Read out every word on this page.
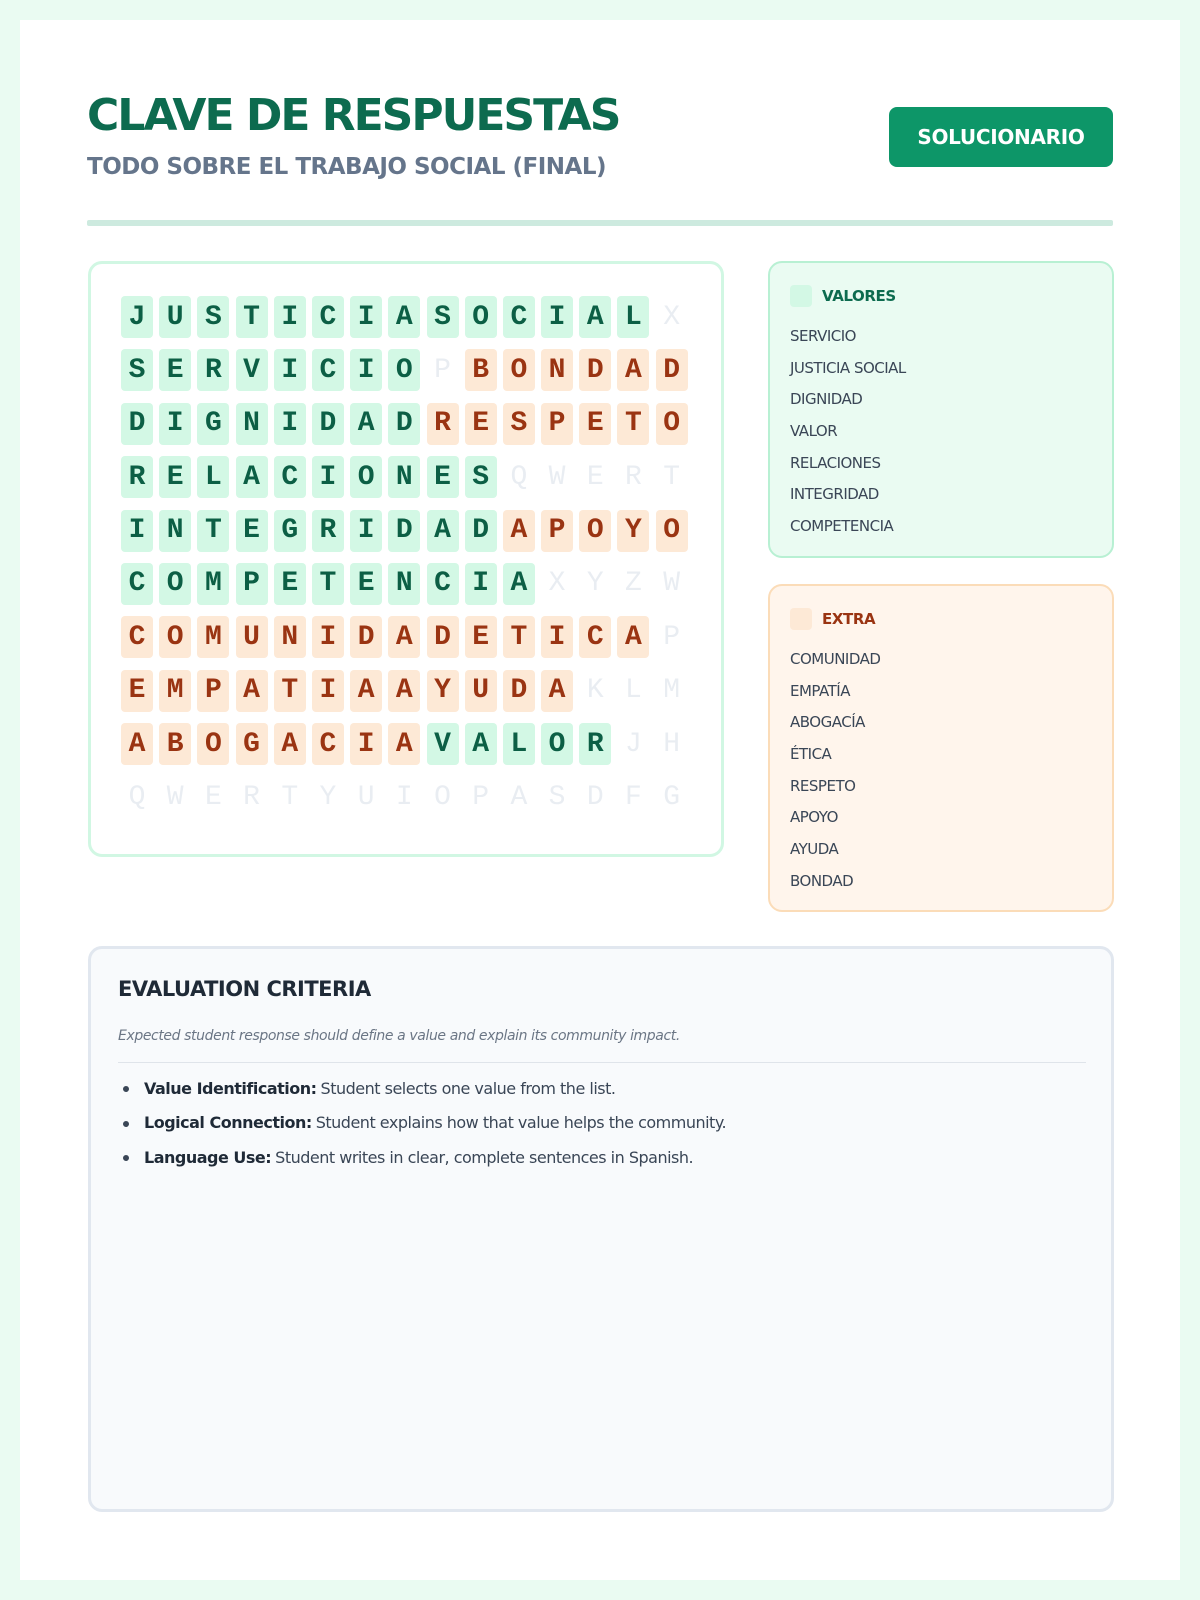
CLAVE DE RESPUESTAS
TODO SOBRE EL TRABAJO SOCIAL (FINAL)
SOLUCIONARIO
J U S T I C I A S O C I A L X
S E R V I C I O P B O N D A D
D I G N I D A D R E S P E T O
R E L A C I O N E S Q W E R T
I N T E G R I D A D A P O Y O
C O M P E T E N C I A X Y Z W
C O M U N I D A D E T I C A P
E M P A T I A A Y U D A K L M
A B O G A C I A V A L O R J H
Q W E R T Y U I O P A S D F G
VALORES
SERVICIO
JUSTICIA SOCIAL
DIGNIDAD
VALOR
RELACIONES
INTEGRIDAD
COMPETENCIA
EXTRA
COMUNIDAD
EMPATÍA
ABOGACÍA
ÉTICA
RESPETO
APOYO
AYUDA
BONDAD
EVALUATION CRITERIA
Expected student response should define a value and explain its community impact.
Value Identification: Student selects one value from the list.
Logical Connection: Student explains how that value helps the community.
Language Use: Student writes in clear, complete sentences in Spanish.
